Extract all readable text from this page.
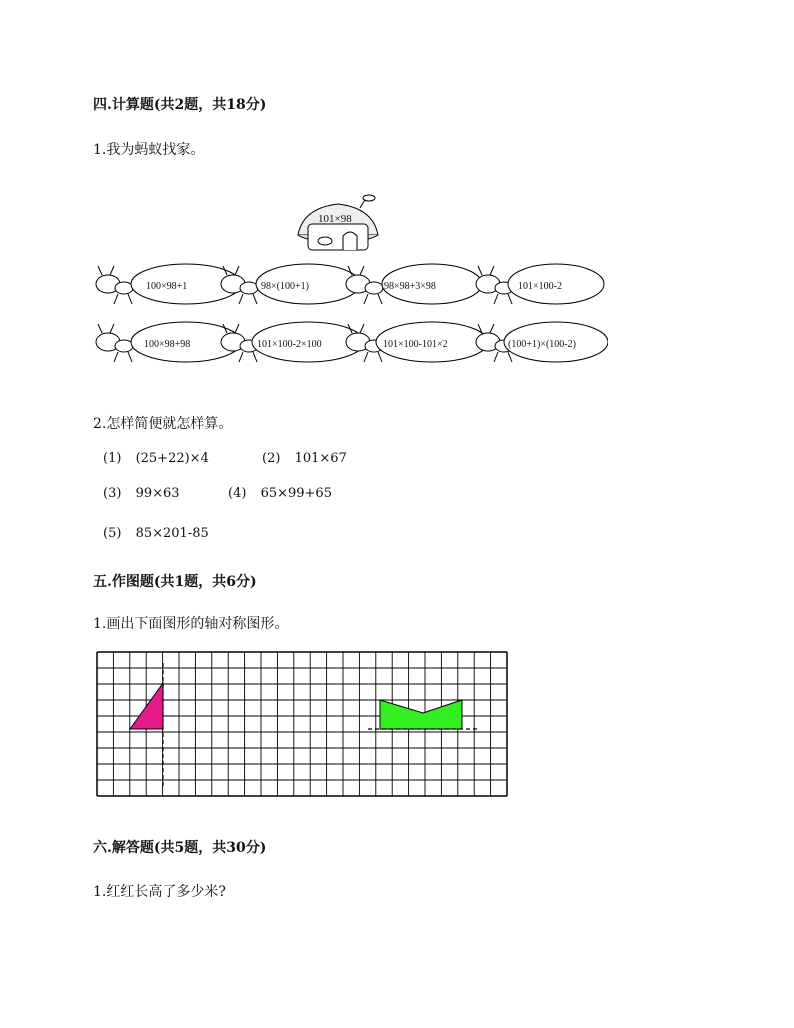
四.计算题(共2题，共18分)
1.我为蚂蚁找家。
101×98
100×98+1	98×(100+1)	98×98+3×98	101×100-2
100×98+98	101×100-2×100	101×100-101×2	(100+1)×(100-2)
2.怎样简便就怎样算。
(1) (25+22)×4	(2) 101×67
(3) 99×63	(4) 65×99+65
(5) 85×201-85
五.作图题(共1题，共6分)
1.画出下面图形的轴对称图形。
六.解答题(共5题，共30分)
1.红红长高了多少米?
